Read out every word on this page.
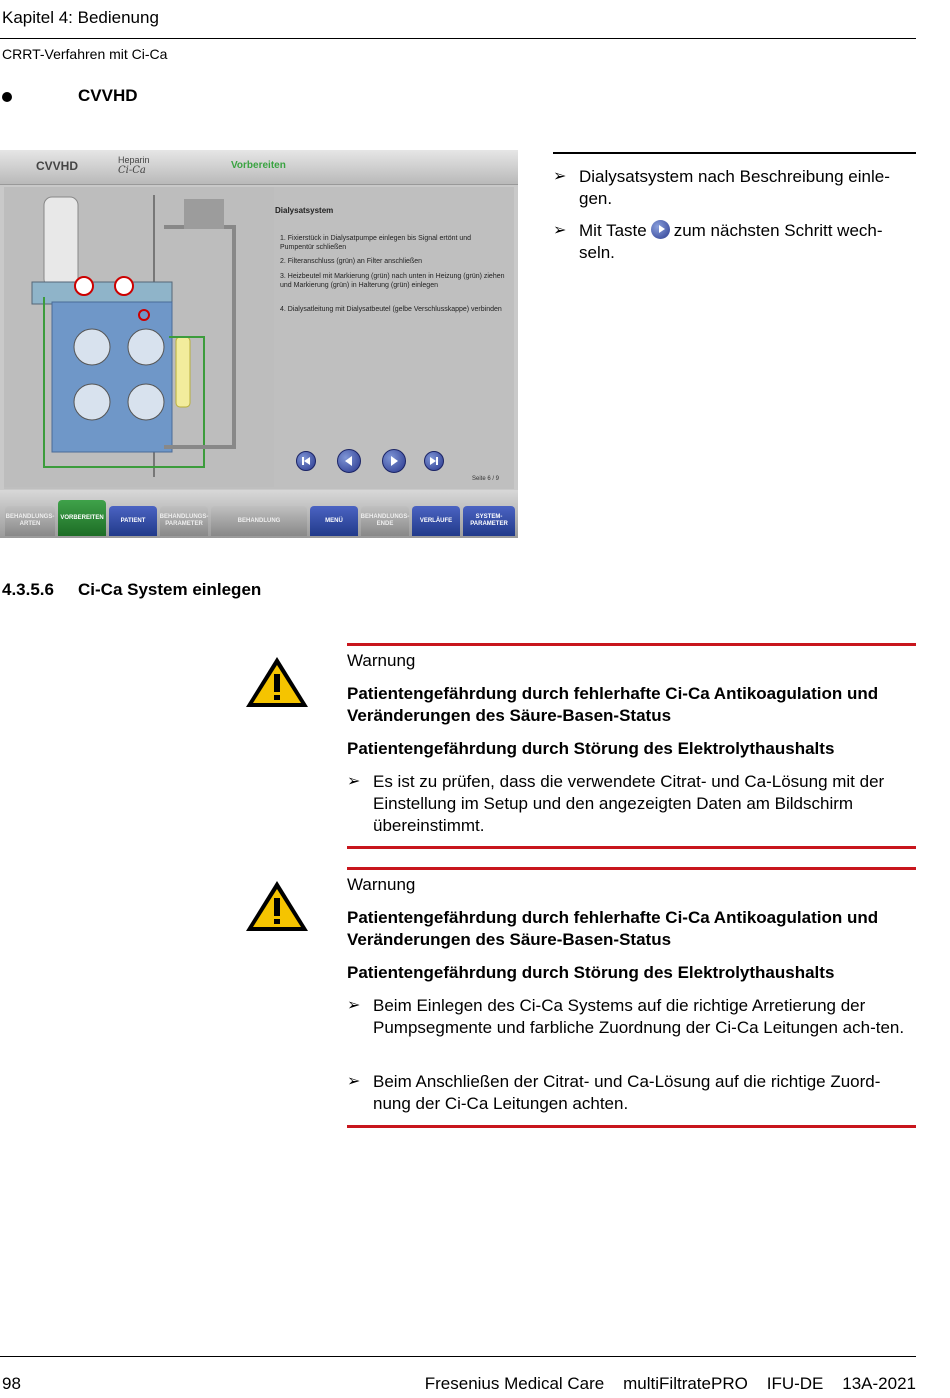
Kapitel 4: Bedienung
CRRT-Verfahren mit Ci-Ca
CVVHD
CVVHD	Heparin
Ci-Ca	Vorbereiten
Dialysatsystem
1. Fixierstück in Dialysatpumpe einlegen bis Signal ertönt und Pumpentür schließen
2. Filteranschluss (grün) an Filter anschließen
3. Heizbeutel mit Markierung (grün) nach unten in Heizung (grün) ziehen und Markierung (grün) in Halterung (grün) einlegen
4. Dialysatleitung mit Dialysatbeutel (gelbe Verschlusskappe) verbinden
Seite 6 / 9
BEHANDLUNGS-ARTEN
VORBEREITEN	PATIENT
BEHANDLUNGS-PARAMETER
BEHANDLUNG	MENÜ
BEHANDLUNGS-ENDE
VERLÄUFE
SYSTEM-PARAMETER
➢ Dialysatsystem nach Beschreibung einle-gen.
➢ Mit Taste zum nächsten Schritt wech-seln.
4.3.5.6 Ci-Ca System einlegen
Warnung
Patientengefährdung durch fehlerhafte Ci-Ca Antikoagulation und Veränderungen des Säure-Basen-Status
Patientengefährdung durch Störung des Elektrolythaushalts
➢ Es ist zu prüfen, dass die verwendete Citrat- und Ca-Lösung mit der Einstellung im Setup und den angezeigten Daten am Bildschirm übereinstimmt.
Warnung
Patientengefährdung durch fehlerhafte Ci-Ca Antikoagulation und Veränderungen des Säure-Basen-Status
Patientengefährdung durch Störung des Elektrolythaushalts
➢ Beim Einlegen des Ci-Ca Systems auf die richtige Arretierung der Pumpsegmente und farbliche Zuordnung der Ci-Ca Leitungen ach-ten.
➢ Beim Anschließen der Citrat- und Ca-Lösung auf die richtige Zuord-nung der Ci-Ca Leitungen achten.
98	Fresenius Medical Care    multiFiltratePRO    IFU-DE    13A-2021
